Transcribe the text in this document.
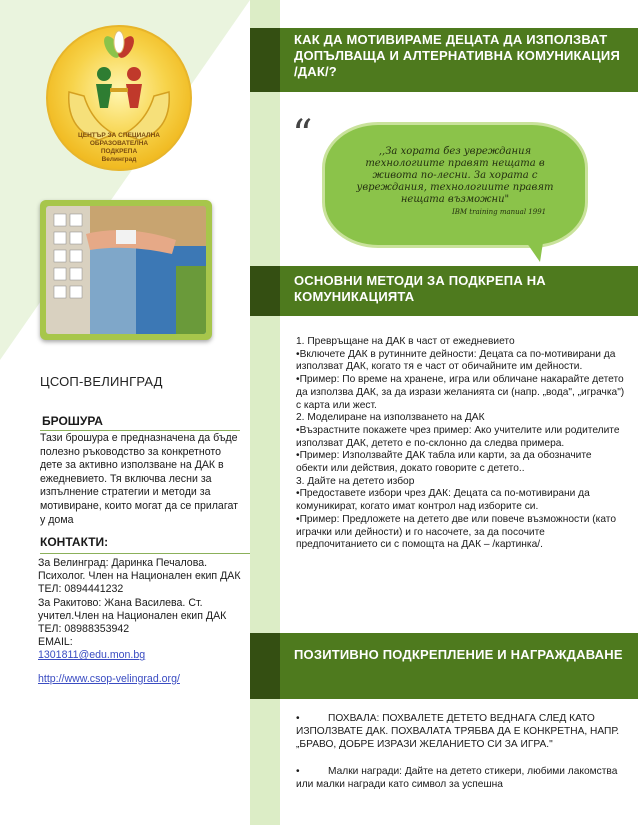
ЦЕНТЪР ЗА СПЕЦИАЛНА
ОБРАЗОВАТЕЛНА
ПОДКРЕПА
Велинград
ЦСОП-ВЕЛИНГРАД
БРОШУРА
Тази брошура е предназначена да бъде полезно ръководство за конкретното дете за активно използване на ДАК в ежедневието. Тя включва лесни за изпълнение стратегии и методи за мотивиране, които могат да се прилагат у дома
КОНТАКТИ:
За Велинград: Даринка Печалова.
Психолог. Член на Национален екип ДАК
ТЕЛ: 0894441232
За Ракитово: Жана Василева. Ст. учител.Член на Национален екип ДАК
ТЕЛ: 08988353942
EMAIL:
1301811@edu.mon.bg
http://www.csop-velingrad.org/
КАК ДА МОТИВИРАМЕ ДЕЦАТА ДА ИЗПОЛЗВАТ ДОПЪЛВАЩА И АЛТЕРНАТИВНА КОМУНИКАЦИЯ /ДАК/?
“	,,За хората без увреждания технологиите правят нещата в живота по-лесни. За хората с увреждания, технологиите правят нещата възможни"
IBM training manual 1991
ОСНОВНИ МЕТОДИ ЗА ПОДКРЕПА НА КОМУНИКАЦИЯТА

1. Превръщане на ДАК в част от ежедневието

•Включете ДАК в рутинните дейности: Децата са по-мотивирани да използват ДАК, когато тя е част от обичайните им дейности.

•Пример: По време на хранене, игра или обличане накарайте детето да използва ДАК, за да изрази желанията си (напр. „вода", „играчка") с карта или жест.

2. Моделиране на използването на ДАК

•Възрастните покажете чрез пример: Ако учителите или родителите използват ДАК, детето е по-склонно да следва примера.

•Пример: Използвайте ДАК табла или карти, за да обозначите обекти или действия, докато говорите с детето..

3. Дайте на детето избор

•Предоставете избори чрез ДАК: Децата са по-мотивирани да комуникират, когато имат контрол над изборите си.

•Пример: Предложете на детето две или повече възможности (като играчки или дейности) и го насочете, за да посочите предпочитанието си с помощта на ДАК – /картинка/.

ПОЗИТИВНО ПОДКРЕПЛЕНИЕ И НАГРАЖДАВАНЕ

•	ПОХВАЛА: ПОХВАЛЕТЕ ДЕТЕТО ВЕДНАГА СЛЕД КАТО ИЗПОЛЗВАТЕ ДАК. ПОХВАЛАТА ТРЯБВА ДА Е КОНКРЕТНА, НАПР. „БРАВО, ДОБРЕ ИЗРАЗИ ЖЕЛАНИЕТО СИ ЗА ИГРА."

•	Малки награди: Дайте на детето стикери, любими лакомства или малки награди като символ за успешна
